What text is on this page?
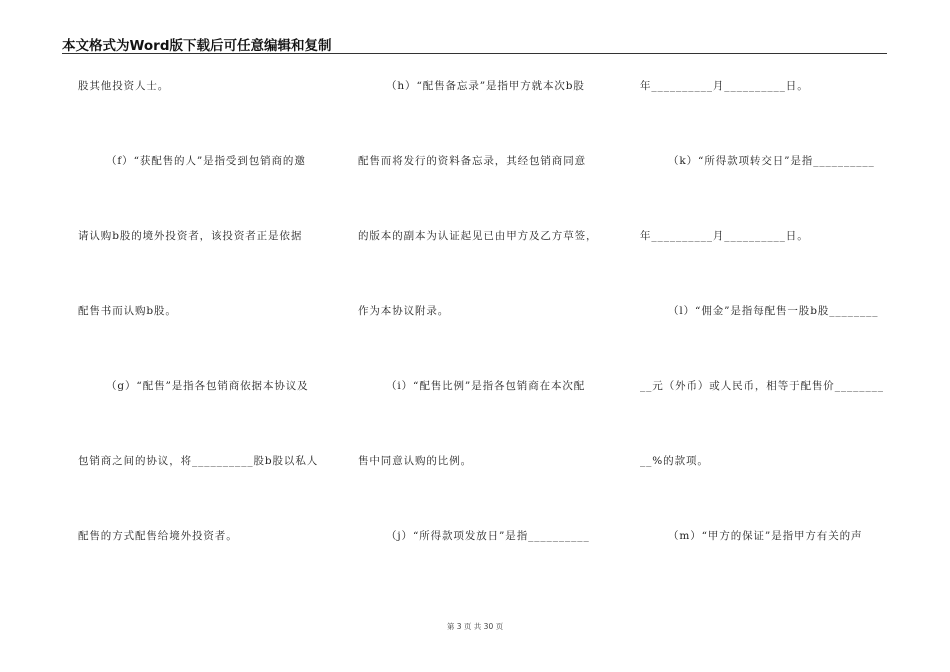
本文格式为Word版下载后可任意编辑和复制
股其他投资人士。
（f）“获配售的人”是指受到包销商的邀
请认购b股的境外投资者，该投资者正是依据
配售书而认购b股。
（g）“配售”是指各包销商依据本协议及
包销商之间的协议，将__________股b股以私人
配售的方式配售给境外投资者。
（h）“配售备忘录”是指甲方就本次b股
配售而将发行的资料备忘录，其经包销商同意
的版本的副本为认证起见已由甲方及乙方草签，
作为本协议附录。
（i）“配售比例”是指各包销商在本次配
售中同意认购的比例。
（j）“所得款项发放日”是指__________
年__________月__________日。
（k）“所得款项转交日”是指__________
年__________月__________日。
（l）“佣金”是指每配售一股b股________
__元（外币）或人民币，相等于配售价________
__%的款项。
（m）“甲方的保证”是指甲方有关的声
第 3 页 共 30 页
